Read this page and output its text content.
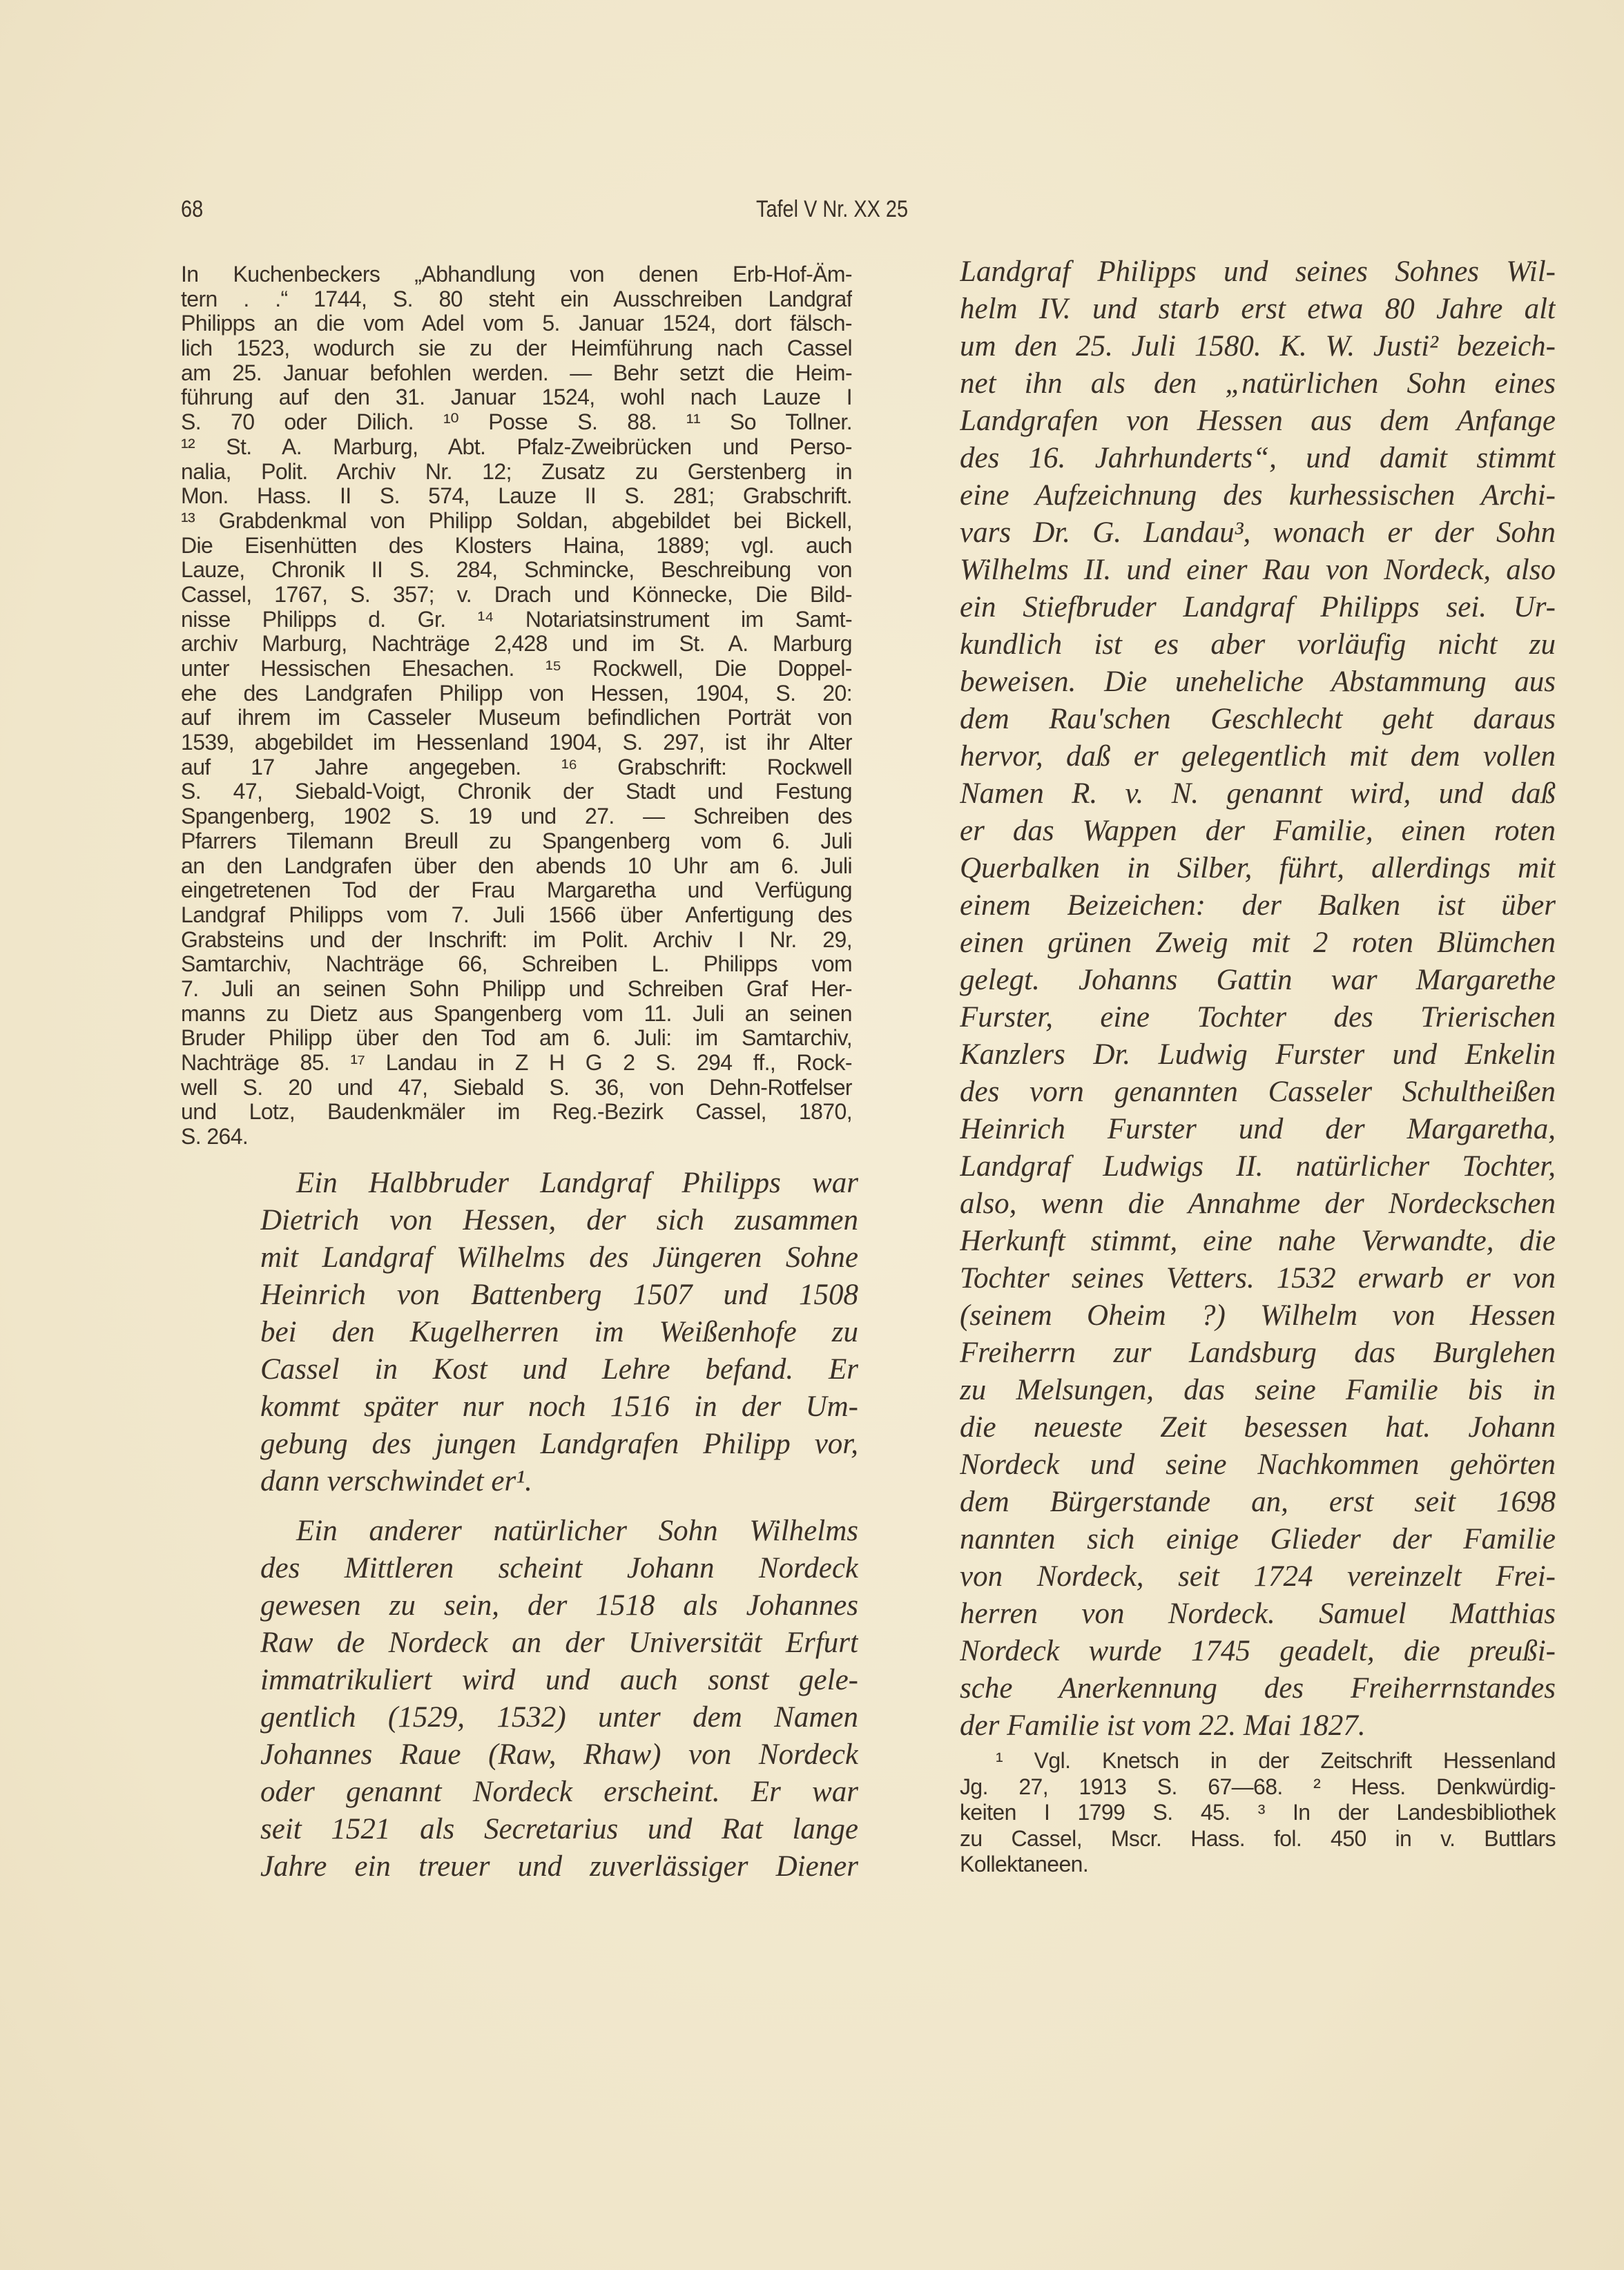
68	Tafel V Nr. XX 25
In Kuchenbeckers „Abhandlung von denen Erb-Hof-Äm-
tern . .“ 1744, S. 80 steht ein Ausschreiben Landgraf
Philipps an die vom Adel vom 5. Januar 1524, dort fälsch-
lich 1523, wodurch sie zu der Heimführung nach Cassel
am 25. Januar befohlen werden. — Behr setzt die Heim-
führung auf den 31. Januar 1524, wohl nach Lauze I
S. 70 oder Dilich. ¹⁰ Posse S. 88. ¹¹ So Tollner.
¹² St. A. Marburg, Abt. Pfalz-Zweibrücken und Perso-
nalia, Polit. Archiv Nr. 12; Zusatz zu Gerstenberg in
Mon. Hass. II S. 574, Lauze II S. 281; Grabschrift.
¹³ Grabdenkmal von Philipp Soldan, abgebildet bei Bickell,
Die Eisenhütten des Klosters Haina, 1889; vgl. auch
Lauze, Chronik II S. 284, Schmincke, Beschreibung von
Cassel, 1767, S. 357; v. Drach und Könnecke, Die Bild-
nisse Philipps d. Gr. ¹⁴ Notariatsinstrument im Samt-
archiv Marburg, Nachträge 2,428 und im St. A. Marburg
unter Hessischen Ehesachen. ¹⁵ Rockwell, Die Doppel-
ehe des Landgrafen Philipp von Hessen, 1904, S. 20:
auf ihrem im Casseler Museum befindlichen Porträt von
1539, abgebildet im Hessenland 1904, S. 297, ist ihr Alter
auf 17 Jahre angegeben. ¹⁶ Grabschrift: Rockwell
S. 47, Siebald-Voigt, Chronik der Stadt und Festung
Spangenberg, 1902 S. 19 und 27. — Schreiben des
Pfarrers Tilemann Breull zu Spangenberg vom 6. Juli
an den Landgrafen über den abends 10 Uhr am 6. Juli
eingetretenen Tod der Frau Margaretha und Verfügung
Landgraf Philipps vom 7. Juli 1566 über Anfertigung des
Grabsteins und der Inschrift: im Polit. Archiv I Nr. 29,
Samtarchiv, Nachträge 66, Schreiben L. Philipps vom
7. Juli an seinen Sohn Philipp und Schreiben Graf Her-
manns zu Dietz aus Spangenberg vom 11. Juli an seinen
Bruder Philipp über den Tod am 6. Juli: im Samtarchiv,
Nachträge 85. ¹⁷ Landau in Z H G 2 S. 294 ff., Rock-
well S. 20 und 47, Siebald S. 36, von Dehn-Rotfelser
und Lotz, Baudenkmäler im Reg.-Bezirk Cassel, 1870,
S. 264.
Ein Halbbruder Landgraf Philipps war
Dietrich von Hessen, der sich zusammen
mit Landgraf Wilhelms des Jüngeren Sohne
Heinrich von Battenberg 1507 und 1508
bei den Kugelherren im Weißenhofe zu
Cassel in Kost und Lehre befand. Er
kommt später nur noch 1516 in der Um-
gebung des jungen Landgrafen Philipp vor,
dann verschwindet er¹.
Ein anderer natürlicher Sohn Wilhelms
des Mittleren scheint Johann Nordeck
gewesen zu sein, der 1518 als Johannes
Raw de Nordeck an der Universität Erfurt
immatrikuliert wird und auch sonst gele-
gentlich (1529, 1532) unter dem Namen
Johannes Raue (Raw, Rhaw) von Nordeck
oder genannt Nordeck erscheint. Er war
seit 1521 als Secretarius und Rat lange
Jahre ein treuer und zuverlässiger Diener
Landgraf Philipps und seines Sohnes Wil-
helm IV. und starb erst etwa 80 Jahre alt
um den 25. Juli 1580. K. W. Justi² bezeich-
net ihn als den „natürlichen Sohn eines
Landgrafen von Hessen aus dem Anfange
des 16. Jahrhunderts“, und damit stimmt
eine Aufzeichnung des kurhessischen Archi-
vars Dr. G. Landau³, wonach er der Sohn
Wilhelms II. und einer Rau von Nordeck, also
ein Stiefbruder Landgraf Philipps sei. Ur-
kundlich ist es aber vorläufig nicht zu
beweisen. Die uneheliche Abstammung aus
dem Rau'schen Geschlecht geht daraus
hervor, daß er gelegentlich mit dem vollen
Namen R. v. N. genannt wird, und daß
er das Wappen der Familie, einen roten
Querbalken in Silber, führt, allerdings mit
einem Beizeichen: der Balken ist über
einen grünen Zweig mit 2 roten Blümchen
gelegt. Johanns Gattin war Margarethe
Furster, eine Tochter des Trierischen
Kanzlers Dr. Ludwig Furster und Enkelin
des vorn genannten Casseler Schultheißen
Heinrich Furster und der Margaretha,
Landgraf Ludwigs II. natürlicher Tochter,
also, wenn die Annahme der Nordeckschen
Herkunft stimmt, eine nahe Verwandte, die
Tochter seines Vetters. 1532 erwarb er von
(seinem Oheim ?) Wilhelm von Hessen
Freiherrn zur Landsburg das Burglehen
zu Melsungen, das seine Familie bis in
die neueste Zeit besessen hat. Johann
Nordeck und seine Nachkommen gehörten
dem Bürgerstande an, erst seit 1698
nannten sich einige Glieder der Familie
von Nordeck, seit 1724 vereinzelt Frei-
herren von Nordeck. Samuel Matthias
Nordeck wurde 1745 geadelt, die preußi-
sche Anerkennung des Freiherrnstandes
der Familie ist vom 22. Mai 1827.
¹ Vgl. Knetsch in der Zeitschrift Hessenland
Jg. 27, 1913 S. 67—68. ² Hess. Denkwürdig-
keiten I 1799 S. 45. ³ In der Landesbibliothek
zu Cassel, Mscr. Hass. fol. 450 in v. Buttlars
Kollektaneen.
